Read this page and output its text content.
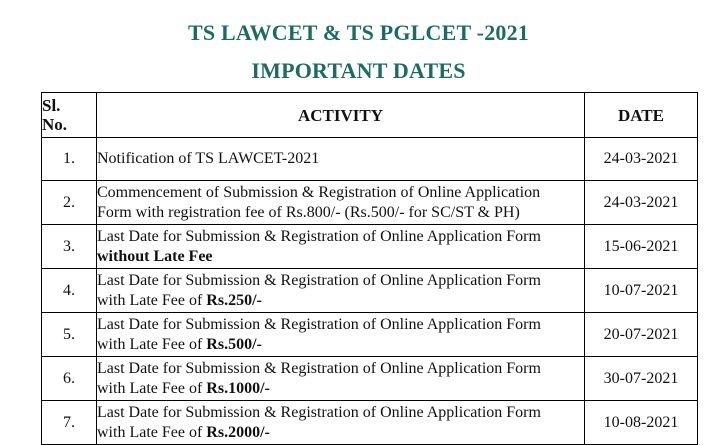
TS LAWCET & TS PGLCET -2021
IMPORTANT DATES
Sl.
No.	ACTIVITY	DATE
1.	Notification of TS LAWCET-2021	24-03-2021
2.	Commencement of Submission & Registration of Online Application
Form with registration fee of Rs.800/- (Rs.500/- for SC/ST & PH)	24-03-2021
3.	Last Date for Submission & Registration of Online Application Form
without Late Fee	15-06-2021
4.	Last Date for Submission & Registration of Online Application Form
with Late Fee of Rs.250/-	10-07-2021
5.	Last Date for Submission & Registration of Online Application Form
with Late Fee of Rs.500/-	20-07-2021
6.	Last Date for Submission & Registration of Online Application Form
with Late Fee of Rs.1000/-	30-07-2021
7.	Last Date for Submission & Registration of Online Application Form
with Late Fee of Rs.2000/-	10-08-2021
